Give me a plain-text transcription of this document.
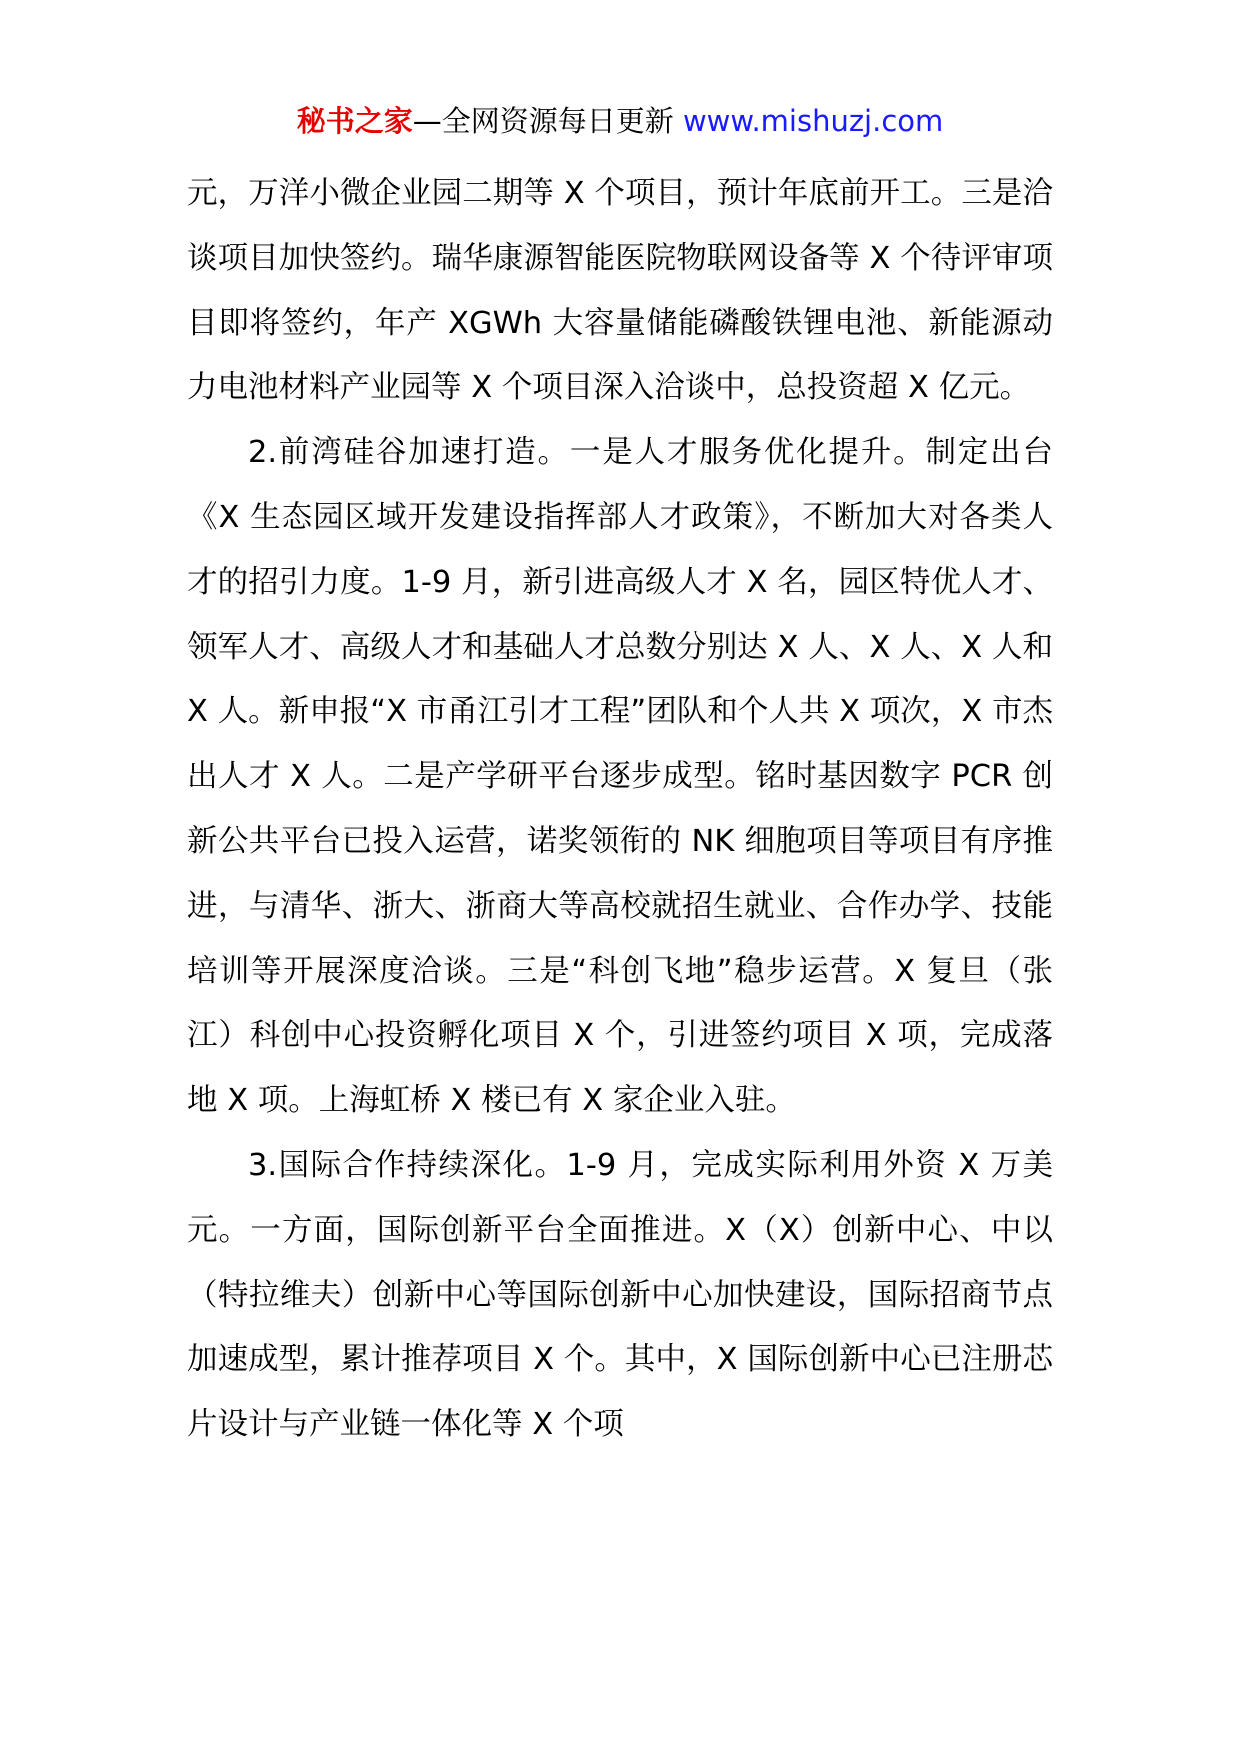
秘书之家—全网资源每日更新 www.mishuzj.com

元，万洋小微企业园二期等 X 个项目，预计年底前开工。三是洽谈项目加快签约。瑞华康源智能医院物联网设备等 X 个待评审项目即将签约，年产 XGWh 大容量储能磷酸铁锂电池、新能源动力电池材料产业园等 X 个项目深入洽谈中，总投资超 X 亿元。

2.前湾硅谷加速打造。一是人才服务优化提升。制定出台《X 生态园区域开发建设指挥部人才政策》，不断加大对各类人才的招引力度。1-9 月，新引进高级人才 X 名，园区特优人才、领军人才、高级人才和基础人才总数分别达 X 人、X 人、X 人和 X 人。新申报“X 市甬江引才工程”团队和个人共 X 项次，X 市杰出人才 X 人。二是产学研平台逐步成型。铭时基因数字 PCR 创新公共平台已投入运营，诺奖领衔的 NK 细胞项目等项目有序推进，与清华、浙大、浙商大等高校就招生就业、合作办学、技能培训等开展深度洽谈。三是“科创飞地”稳步运营。X 复旦（张江）科创中心投资孵化项目 X 个，引进签约项目 X 项，完成落地 X 项。上海虹桥 X 楼已有 X 家企业入驻。

3.国际合作持续深化。1-9 月，完成实际利用外资 X 万美元。一方面，国际创新平台全面推进。X（X）创新中心、中以（特拉维夫）创新中心等国际创新中心加快建设，国际招商节点加速成型，累计推荐项目 X 个。其中，X 国际创新中心已注册芯片设计与产业链一体化等 X 个项
